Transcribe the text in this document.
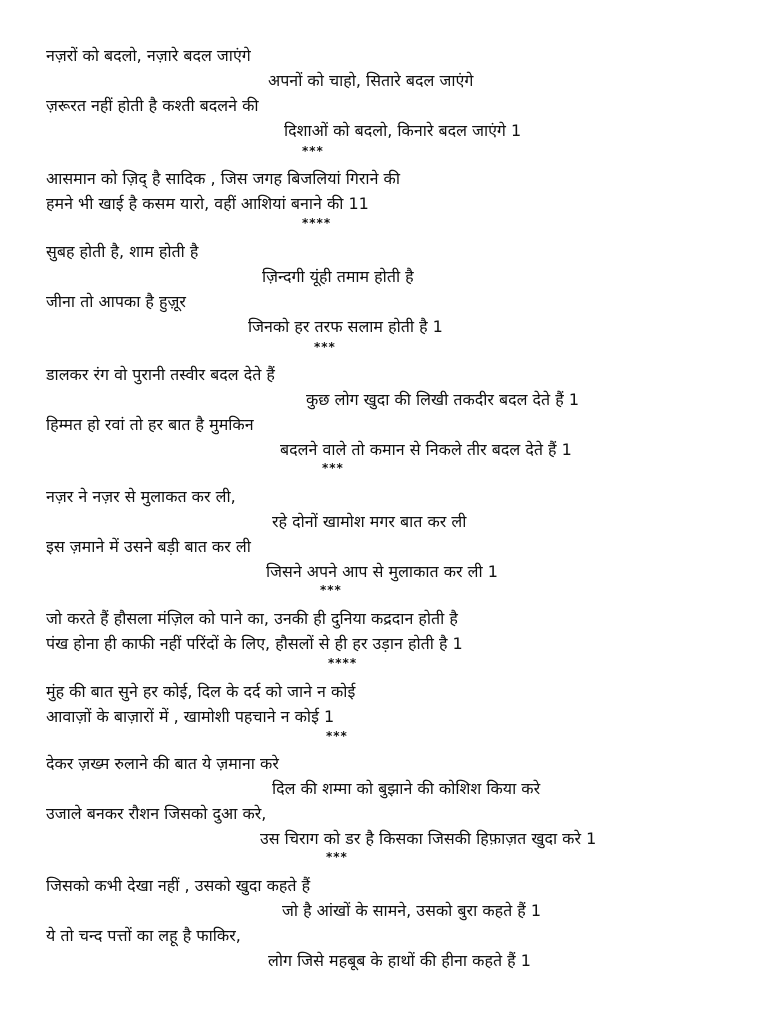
नज़रों को बदलो, नज़ारे बदल जाएंगे
अपनों को चाहो, सितारे बदल जाएंगे
ज़रूरत नहीं होती है कश्ती बदलने की
दिशाओं को बदलो, किनारे बदल जाएंगे 1
***
आसमान को ज़िद् है सादिक , जिस जगह बिजलियां गिराने की
हमने भी खाई है कसम यारो, वहीं आशियां बनाने की 11
****
सुबह होती है, शाम होती है
ज़िन्दगी यूंही तमाम होती है
जीना तो आपका है हुज़ूर
जिनको हर तरफ सलाम होती है 1
***
डालकर रंग वो पुरानी तस्वीर बदल देते हैं
कुछ लोग खुदा की लिखी तकदीर बदल देते हैं 1
हिम्मत हो रवां तो हर बात है मुमकिन
बदलने वाले तो कमान से निकले तीर बदल देते हैं 1
***
नज़र ने नज़र से मुलाकत कर ली,
रहे दोनों खामोश मगर बात कर ली
इस ज़माने में उसने बड़ी बात कर ली
जिसने अपने आप से मुलाकात कर ली 1
***
जो करते हैं हौसला मंज़िल को पाने का, उनकी ही दुनिया कद्रदान होती है
पंख होना ही काफी नहीं परिंदों के लिए, हौसलों से ही हर उड़ान होती है 1
****
मुंह की बात सुने हर कोई, दिल के दर्द को जाने न कोई
आवाज़ों के बाज़ारों में , खामोशी पहचाने न कोई 1
***
देकर ज़ख्म रुलाने की बात ये ज़माना करे
दिल की शम्मा को बुझाने की कोशिश किया करे
उजाले बनकर रौशन जिसको दुआ करे,
उस चिराग को डर है किसका जिसकी हिफ़ाज़त खुदा करे 1
***
जिसको कभी देखा नहीं , उसको खुदा कहते हैं
जो है आंखों के सामने, उसको बुरा कहते हैं 1
ये तो चन्द पत्तों का लहू है फाकिर,
लोग जिसे महबूब के हाथों की हीना कहते हैं 1
